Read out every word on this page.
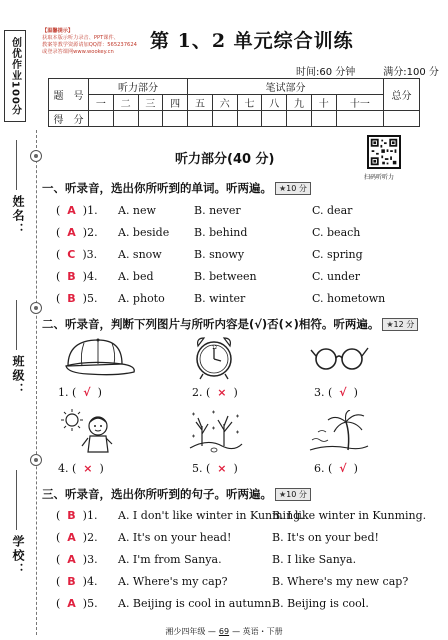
创优作业100分
姓名：
班级：
学校：
【温馨提示】
获取本版示听力录音、PPT课件、
教案等教学资源请加QQ群：565237624
或登录答课网www.wookey.cn	第 1、2 单元综合训练
时间:60 分钟	满分:100 分
题　号	听力部分				笔试部分							总分
	一	二	三	四	五	六	七	八	九	十	十一	
得　分												
扫码听听力
听力部分(40 分)
一、听录音，选出你所听到的单词。听两遍。 ★10 分
(  A  )1. A. new	B. never	C. dear
(  A  )2. A. beside B. behind	C. beach
(  C  )3. A. snow	B. snowy	C. spring
(  B  )4. A. bed	B. between	C. under
(  B  )5. A. photo	B. winter	C. hometown
二、听录音，判断下列图片与所听内容是(√)否(×)相符。听两遍。 ★12 分
12
1. (  √  )	2. (  ×  )	3. (  √  )
4. (  ×  )	5. (  ×  )	6. (  √  )
三、听录音，选出你所听到的句子。听两遍。 ★10 分
(  B  )1. A. I don't like winter in Kunming.
B. I like winter in Kunming.
(  A  )2. A. It's on your head!	B. It's on your bed!
(  A  )3. A. I'm from Sanya.	B. I like Sanya.
(  B  )4. A. Where's my cap?	B. Where's my new cap?
(  A  )5. A. Beijing is cool in autumn.
B. Beijing is cool.
湘少四年级 — 69 — 英语・下册
